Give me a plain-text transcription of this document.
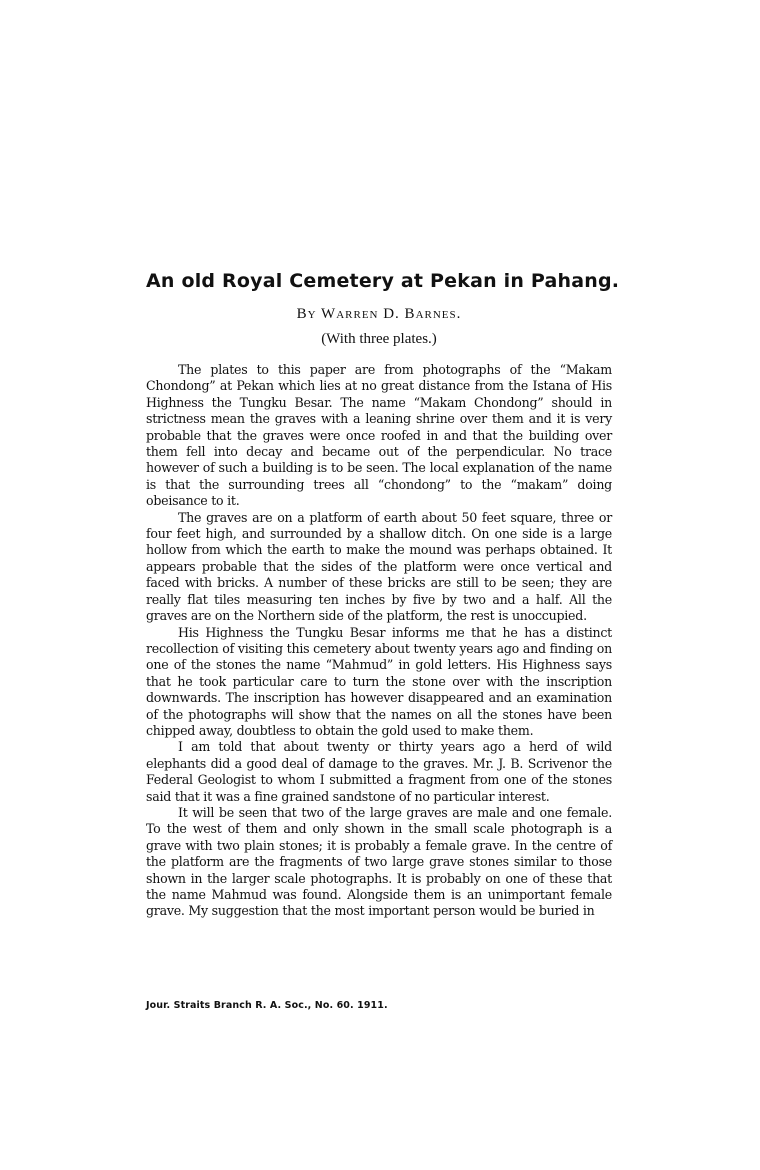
An old Royal Cemetery at Pekan in Pahang.
By Warren D. Barnes.
(With three plates.)

The plates to this paper are from photographs of the “Makam Chondong” at Pekan which lies at no great distance from the Istana of His Highness the Tungku Besar. The name “Makam Chondong” should in strictness mean the graves with a leaning shrine over them and it is very probable that the graves were once roofed in and that the building over them fell into decay and became out of the perpendicular. No trace however of such a building is to be seen. The local explanation of the name is that the surrounding trees all “chondong” to the “makam” doing obeisance to it.

The graves are on a platform of earth about 50 feet square, three or four feet high, and surrounded by a shallow ditch. On one side is a large hollow from which the earth to make the mound was perhaps obtained. It appears probable that the sides of the platform were once vertical and faced with bricks. A number of these bricks are still to be seen; they are really flat tiles measuring ten inches by five by two and a half. All the graves are on the Northern side of the platform, the rest is unoccupied.

His Highness the Tungku Besar informs me that he has a distinct recollection of visiting this cemetery about twenty years ago and finding on one of the stones the name “Mahmud” in gold letters. His Highness says that he took particular care to turn the stone over with the inscription downwards. The inscription has however disappeared and an examination of the photographs will show that the names on all the stones have been chipped away, doubtless to obtain the gold used to make them.

I am told that about twenty or thirty years ago a herd of wild elephants did a good deal of damage to the graves. Mr. J. B. Scrivenor the Federal Geologist to whom I submitted a fragment from one of the stones said that it was a fine grained sandstone of no particular interest.

It will be seen that two of the large graves are male and one female. To the west of them and only shown in the small scale photograph is a grave with two plain stones; it is probably a female grave. In the centre of the platform are the fragments of two large grave stones similar to those shown in the larger scale photographs. It is probably on one of these that the name Mahmud was found. Alongside them is an unimportant female grave. My suggestion that the most important person would be buried in

Jour. Straits Branch R. A. Soc., No. 60. 1911.
